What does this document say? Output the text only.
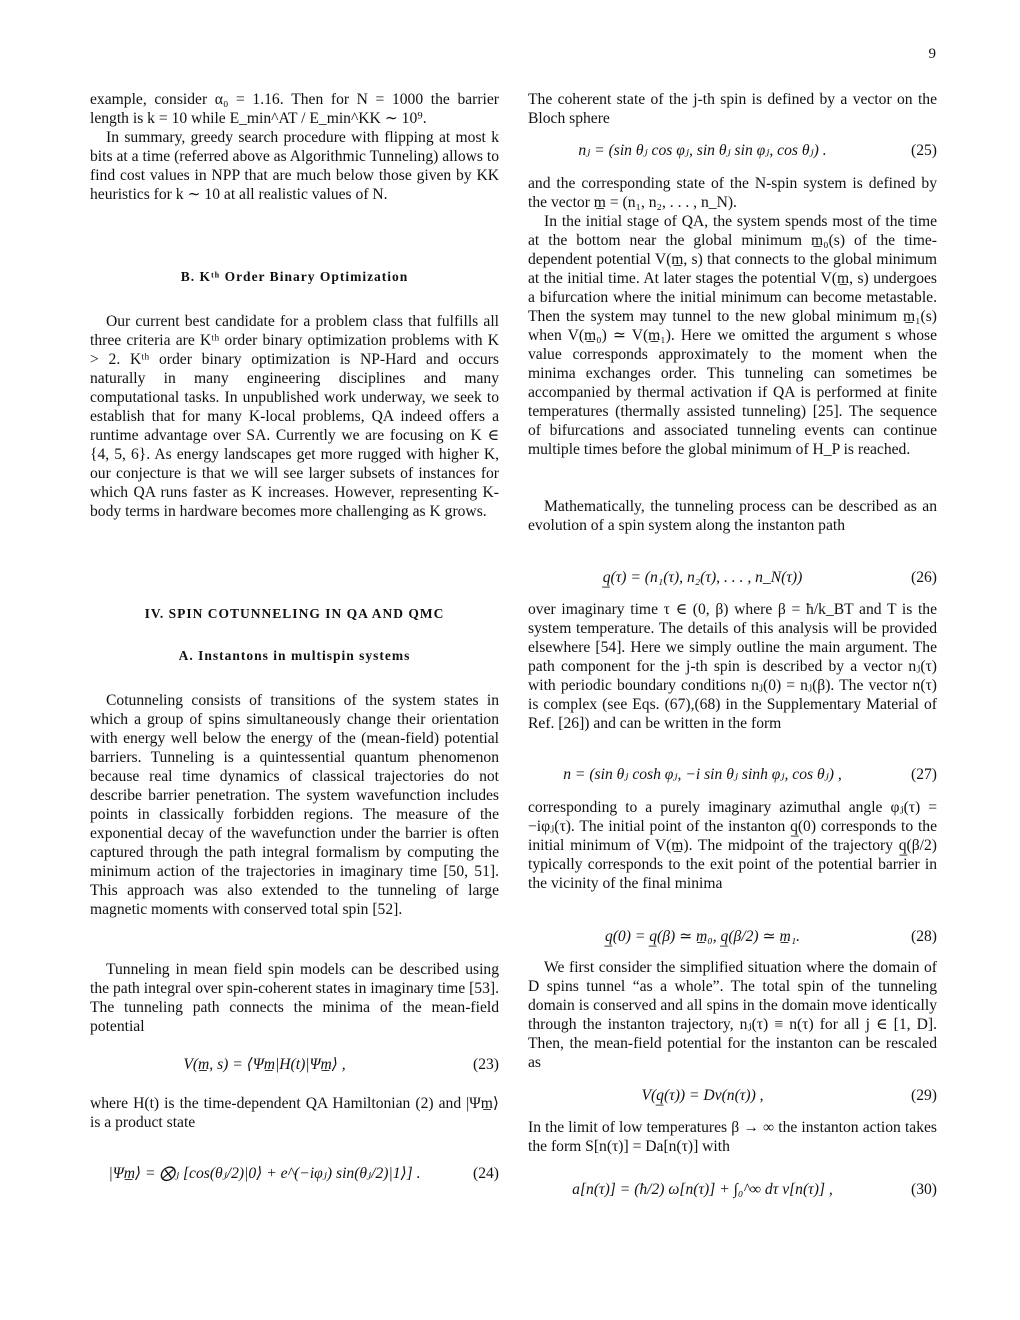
9

example, consider α₀ = 1.16. Then for N = 1000 the barrier length is k = 10 while E_min^AT / E_min^KK ∼ 10⁹.

In summary, greedy search procedure with flipping at most k bits at a time (referred above as Algorithmic Tunneling) allows to find cost values in NPP that are much below those given by KK heuristics for k ∼ 10 at all realistic values of N.

B. Kᵗʰ Order Binary Optimization

Our current best candidate for a problem class that fulfills all three criteria are Kᵗʰ order binary optimization problems with K > 2. Kᵗʰ order binary optimization is NP-Hard and occurs naturally in many engineering disciplines and many computational tasks. In unpublished work underway, we seek to establish that for many K-local problems, QA indeed offers a runtime advantage over SA. Currently we are focusing on K ∈ {4, 5, 6}. As energy landscapes get more rugged with higher K, our conjecture is that we will see larger subsets of instances for which QA runs faster as K increases. However, representing K-body terms in hardware becomes more challenging as K grows.

IV. SPIN COTUNNELING IN QA AND QMC
A. Instantons in multispin systems

Cotunneling consists of transitions of the system states in which a group of spins simultaneously change their orientation with energy well below the energy of the (mean-field) potential barriers. Tunneling is a quintessential quantum phenomenon because real time dynamics of classical trajectories do not describe barrier penetration. The system wavefunction includes points in classically forbidden regions. The measure of the exponential decay of the wavefunction under the barrier is often captured through the path integral formalism by computing the minimum action of the trajectories in imaginary time [50, 51]. This approach was also extended to the tunneling of large magnetic moments with conserved total spin [52].

Tunneling in mean field spin models can be described using the path integral over spin-coherent states in imaginary time [53]. The tunneling path connects the minima of the mean-field potential

V(m̲, s) = ⟨Ψm̲|H(t)|Ψm̲⟩ ,	(23)

where H(t) is the time-dependent QA Hamiltonian (2) and |Ψm̲⟩ is a product state

|Ψm̲⟩ = ⨂ⱼ [cos(θⱼ/2)|0⟩ + e^(−iφⱼ) sin(θⱼ/2)|1⟩] .	(24)

The coherent state of the j-th spin is defined by a vector on the Bloch sphere

nⱼ = (sin θⱼ cos φⱼ, sin θⱼ sin φⱼ, cos θⱼ) .	(25)

and the corresponding state of the N-spin system is defined by the vector m̲ = (n₁, n₂, . . . , n_N).

In the initial stage of QA, the system spends most of the time at the bottom near the global minimum m̲₀(s) of the time-dependent potential V(m̲, s) that connects to the global minimum at the initial time. At later stages the potential V(m̲, s) undergoes a bifurcation where the initial minimum can become metastable. Then the system may tunnel to the new global minimum m̲₁(s) when V(m̲₀) ≃ V(m̲₁). Here we omitted the argument s whose value corresponds approximately to the moment when the minima exchanges order. This tunneling can sometimes be accompanied by thermal activation if QA is performed at finite temperatures (thermally assisted tunneling) [25]. The sequence of bifurcations and associated tunneling events can continue multiple times before the global minimum of H_P is reached.

Mathematically, the tunneling process can be described as an evolution of a spin system along the instanton path

q̲(τ) = (n₁(τ), n₂(τ), . . . , n_N(τ))	(26)

over imaginary time τ ∈ (0, β) where β = ħ/k_BT and T is the system temperature. The details of this analysis will be provided elsewhere [54]. Here we simply outline the main argument. The path component for the j-th spin is described by a vector nⱼ(τ) with periodic boundary conditions nⱼ(0) = nⱼ(β). The vector n(τ) is complex (see Eqs. (67),(68) in the Supplementary Material of Ref. [26]) and can be written in the form

n = (sin θⱼ cosh φⱼ, −i sin θⱼ sinh φⱼ, cos θⱼ) ,	(27)

corresponding to a purely imaginary azimuthal angle φⱼ(τ) = −iφⱼ(τ). The initial point of the instanton q̲(0) corresponds to the initial minimum of V(m̲). The midpoint of the trajectory q̲(β/2) typically corresponds to the exit point of the potential barrier in the vicinity of the final minima

q̲(0) = q̲(β) ≃ m̲₀, q̲(β/2) ≃ m̲₁.	(28)

We first consider the simplified situation where the domain of D spins tunnel “as a whole”. The total spin of the tunneling domain is conserved and all spins in the domain move identically through the instanton trajectory, nⱼ(τ) ≡ n(τ) for all j ∈ [1, D]. Then, the mean-field potential for the instanton can be rescaled as

V(q̲(τ)) = Dv(n(τ)) ,	(29)

In the limit of low temperatures β → ∞ the instanton action takes the form S[n(τ)] = Da[n(τ)] with

a[n(τ)] = (ħ/2) ω[n(τ)] + ∫₀^∞ dτ v[n(τ)] ,	(30)
